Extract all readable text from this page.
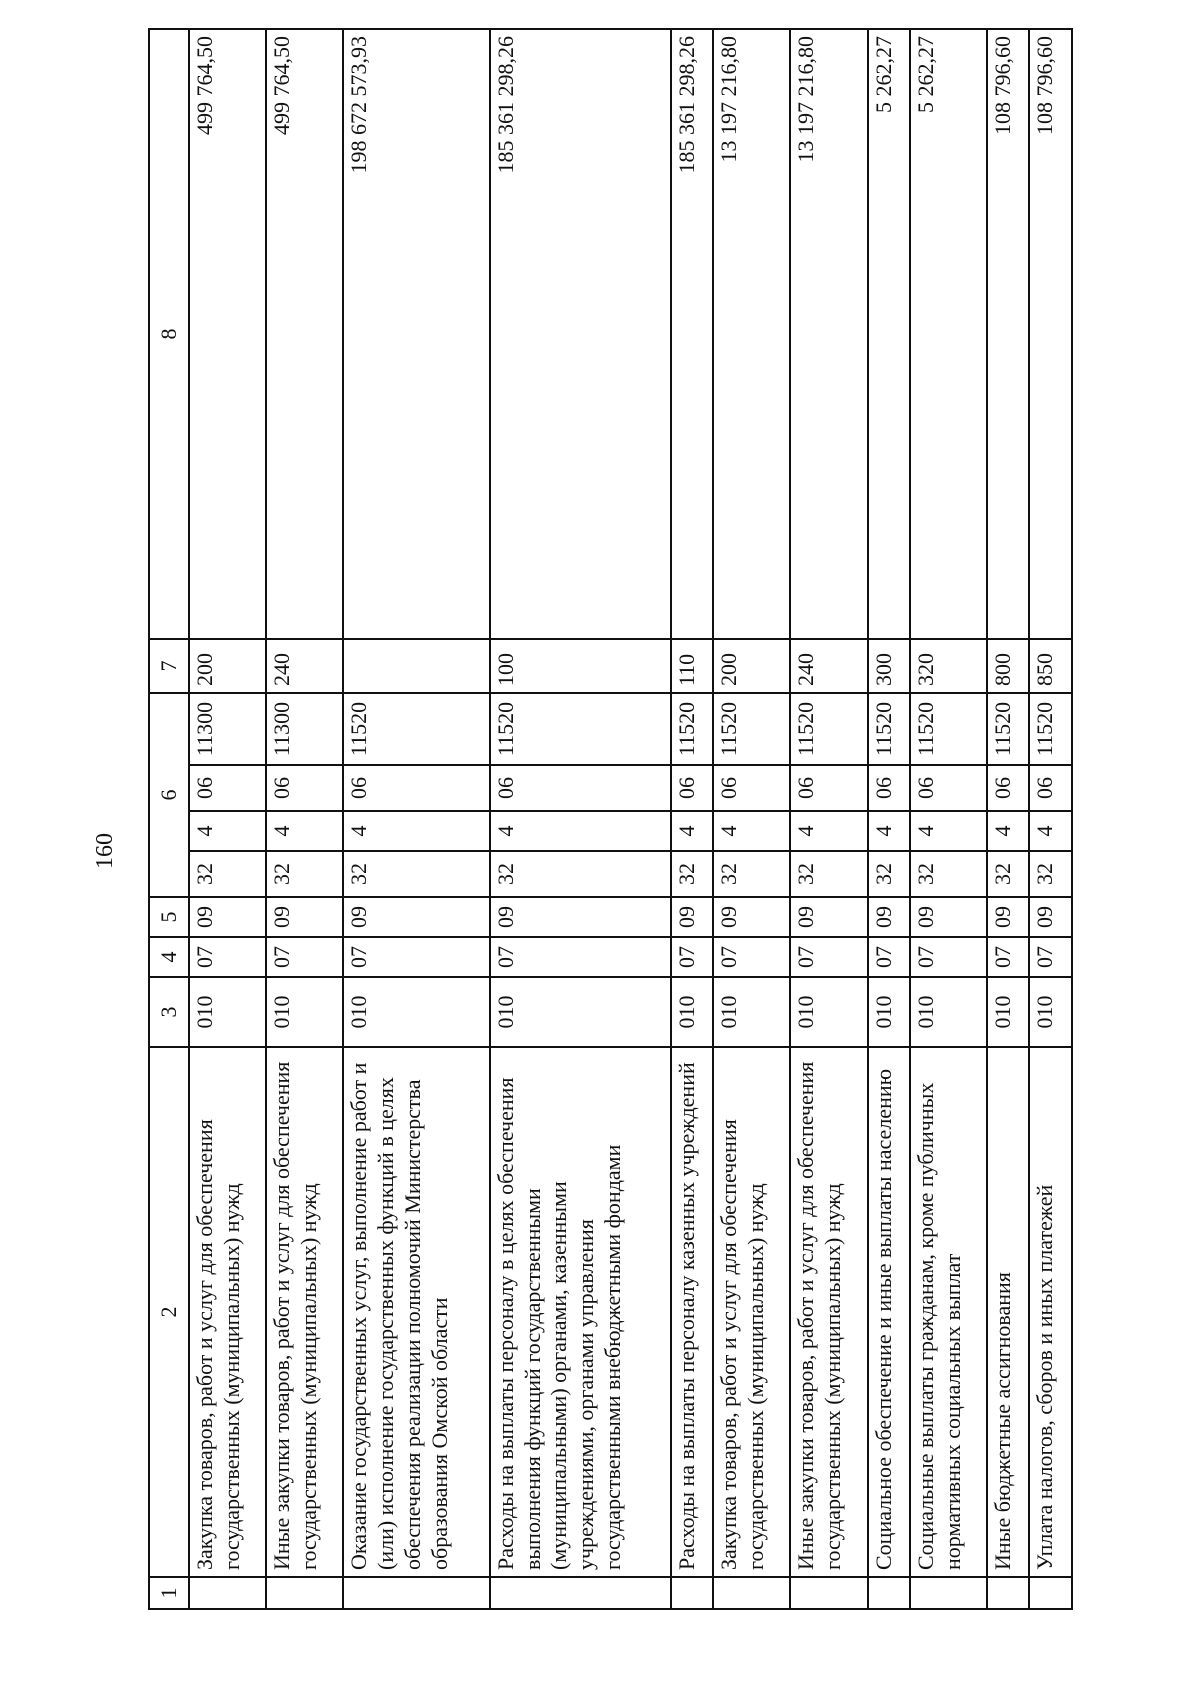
160
1	2	3	4	5	6				7	8
	Закупка товаров, работ и услуг для обеспечения государственных (муниципальных) нужд	010	07	09	32	4	06	11300	200	499 764,50
	Иные закупки товаров, работ и услуг для обеспечения государственных (муниципальных) нужд	010	07	09	32	4	06	11300	240	499 764,50
	Оказание государственных услуг, выполнение работ и (или) исполнение государственных функций в целях обеспечения реализации полномочий Министерства образования Омской области	010	07	09	32	4	06	11520		198 672 573,93
	Расходы на выплаты персоналу в целях обеспечения выполнения функций государственными (муниципальными) органами, казенными учреждениями, органами управления государственными внебюджетными фондами	010	07	09	32	4	06	11520	100	185 361 298,26
	Расходы на выплаты персоналу казенных учреждений	010	07	09	32	4	06	11520	110	185 361 298,26
	Закупка товаров, работ и услуг для обеспечения государственных (муниципальных) нужд	010	07	09	32	4	06	11520	200	13 197 216,80
	Иные закупки товаров, работ и услуг для обеспечения государственных (муниципальных) нужд	010	07	09	32	4	06	11520	240	13 197 216,80
	Социальное обеспечение и иные выплаты населению	010	07	09	32	4	06	11520	300	5 262,27
	Социальные выплаты гражданам, кроме публичных нормативных социальных выплат	010	07	09	32	4	06	11520	320	5 262,27
	Иные бюджетные ассигнования	010	07	09	32	4	06	11520	800	108 796,60
	Уплата налогов, сборов и иных платежей	010	07	09	32	4	06	11520	850	108 796,60
